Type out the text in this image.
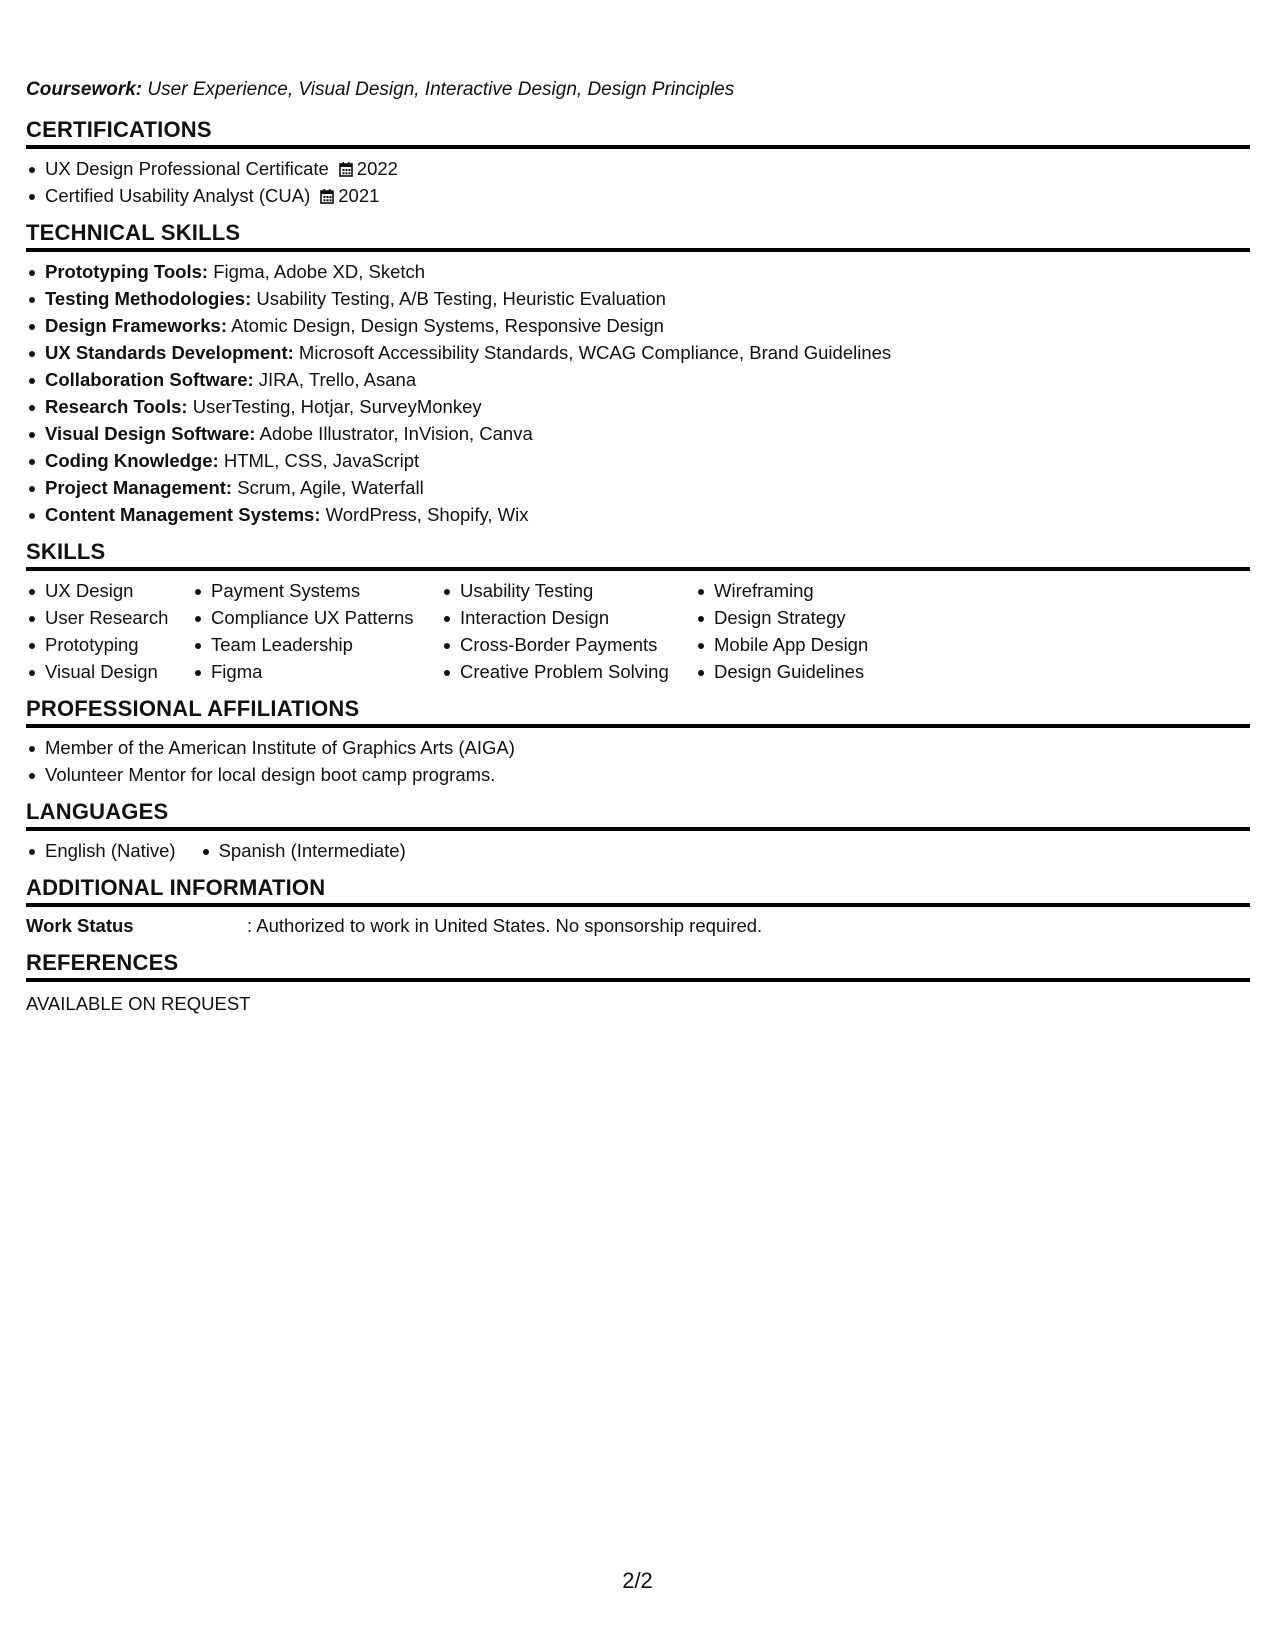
Coursework: User Experience, Visual Design, Interactive Design, Design Principles

CERTIFICATIONS
UX Design Professional Certificate 2022
Certified Usability Analyst (CUA) 2021
TECHNICAL SKILLS
Prototyping Tools: Figma, Adobe XD, Sketch
Testing Methodologies: Usability Testing, A/B Testing, Heuristic Evaluation
Design Frameworks: Atomic Design, Design Systems, Responsive Design
UX Standards Development: Microsoft Accessibility Standards, WCAG Compliance, Brand Guidelines
Collaboration Software: JIRA, Trello, Asana
Research Tools: UserTesting, Hotjar, SurveyMonkey
Visual Design Software: Adobe Illustrator, InVision, Canva
Coding Knowledge: HTML, CSS, JavaScript
Project Management: Scrum, Agile, Waterfall
Content Management Systems: WordPress, Shopify, Wix
SKILLS
UX Design
User Research
Prototyping
Visual Design
Payment Systems
Compliance UX Patterns
Team Leadership
Figma
Usability Testing
Interaction Design
Cross-Border Payments
Creative Problem Solving
Wireframing
Design Strategy
Mobile App Design
Design Guidelines
PROFESSIONAL AFFILIATIONS
Member of the American Institute of Graphics Arts (AIGA)
Volunteer Mentor for local design boot camp programs.
LANGUAGES
English (Native)	Spanish (Intermediate)
ADDITIONAL INFORMATION
Work Status	: Authorized to work in United States. No sponsorship required.
REFERENCES
AVAILABLE ON REQUEST
2/2
